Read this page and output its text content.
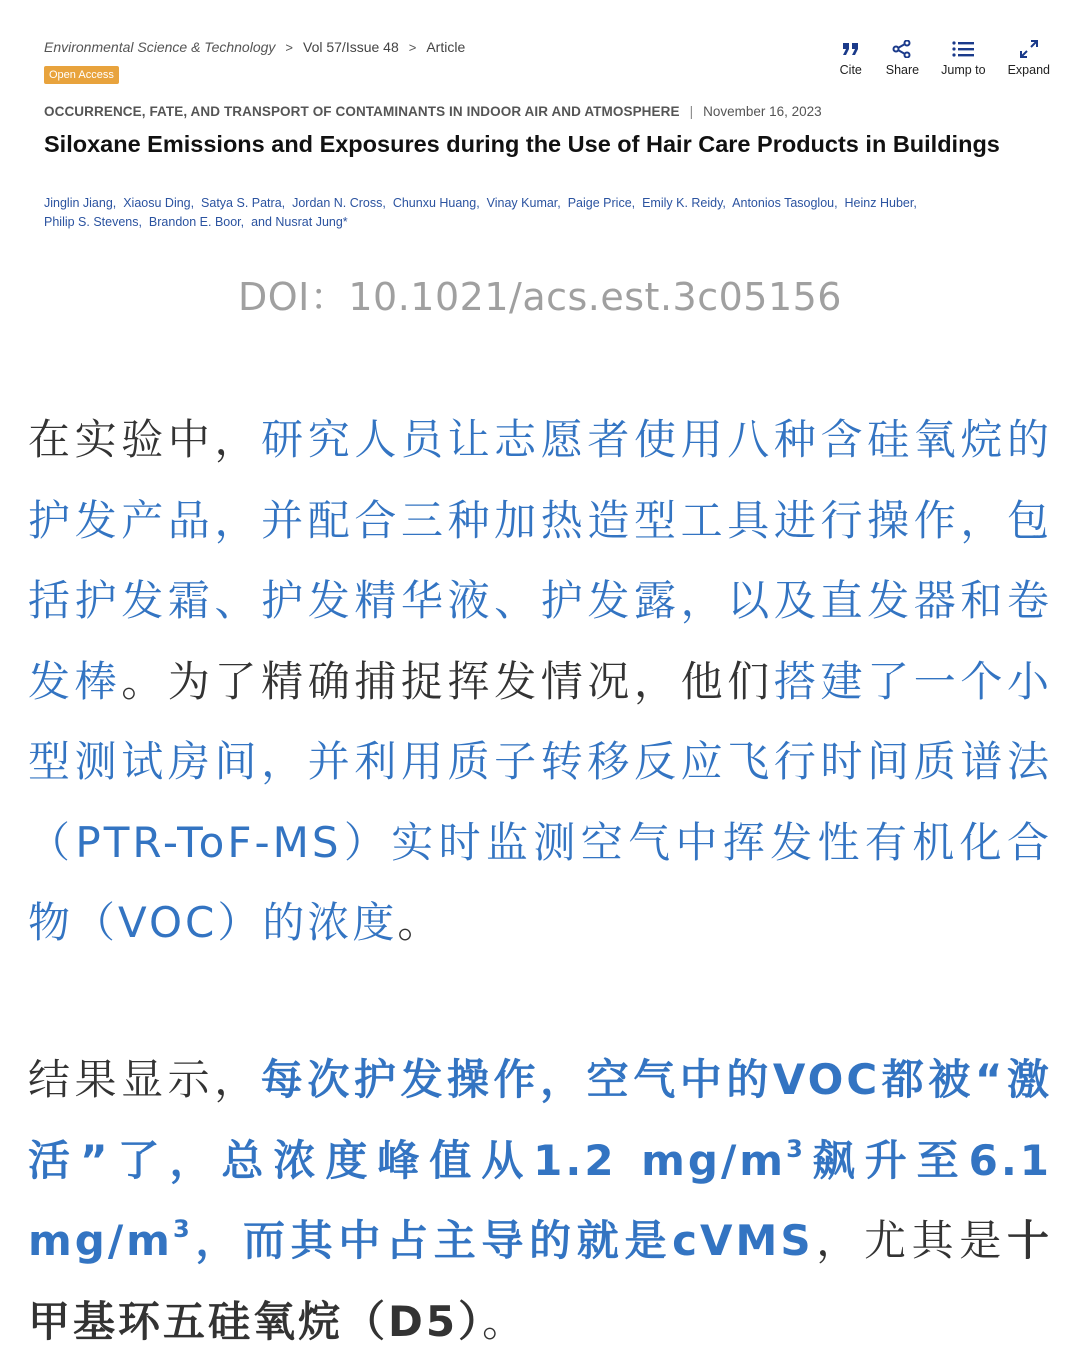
Environmental Science & Technology > Vol 57/Issue 48 > Article
Open Access	Cite Share Jump to Expand
OCCURRENCE, FATE, AND TRANSPORT OF CONTAMINANTS IN INDOOR AIR AND ATMOSPHERE | November 16, 2023
Siloxane Emissions and Exposures during the Use of Hair Care Products in Buildings
Jinglin Jiang, Xiaosu Ding, Satya S. Patra, Jordan N. Cross, Chunxu Huang, Vinay Kumar, Paige Price, Emily K. Reidy, Antonios Tasoglou, Heinz Huber,
Philip S. Stevens, Brandon E. Boor, and Nusrat Jung*
DOI：10.1021/acs.est.3c05156
在实验中，研究人员让志愿者使用八种含硅氧烷的护发产品，并配合三种加热造型工具进行操作，包括护发霜、护发精华液、护发露，以及直发器和卷发棒。为了精确捕捉挥发情况，他们搭建了一个小型测试房间，并利用质子转移反应飞行时间质谱法（PTR-ToF-MS）实时监测空气中挥发性有机化合物（VOC）的浓度。
结果显示，每次护发操作，空气中的VOC都被“激活”了，总浓度峰值从1.2 $mg/m^3$飙升至6.1 $mg/m^3$，而其中占主导的就是cVMS，尤其是十甲基环五硅氧烷（D5）。
